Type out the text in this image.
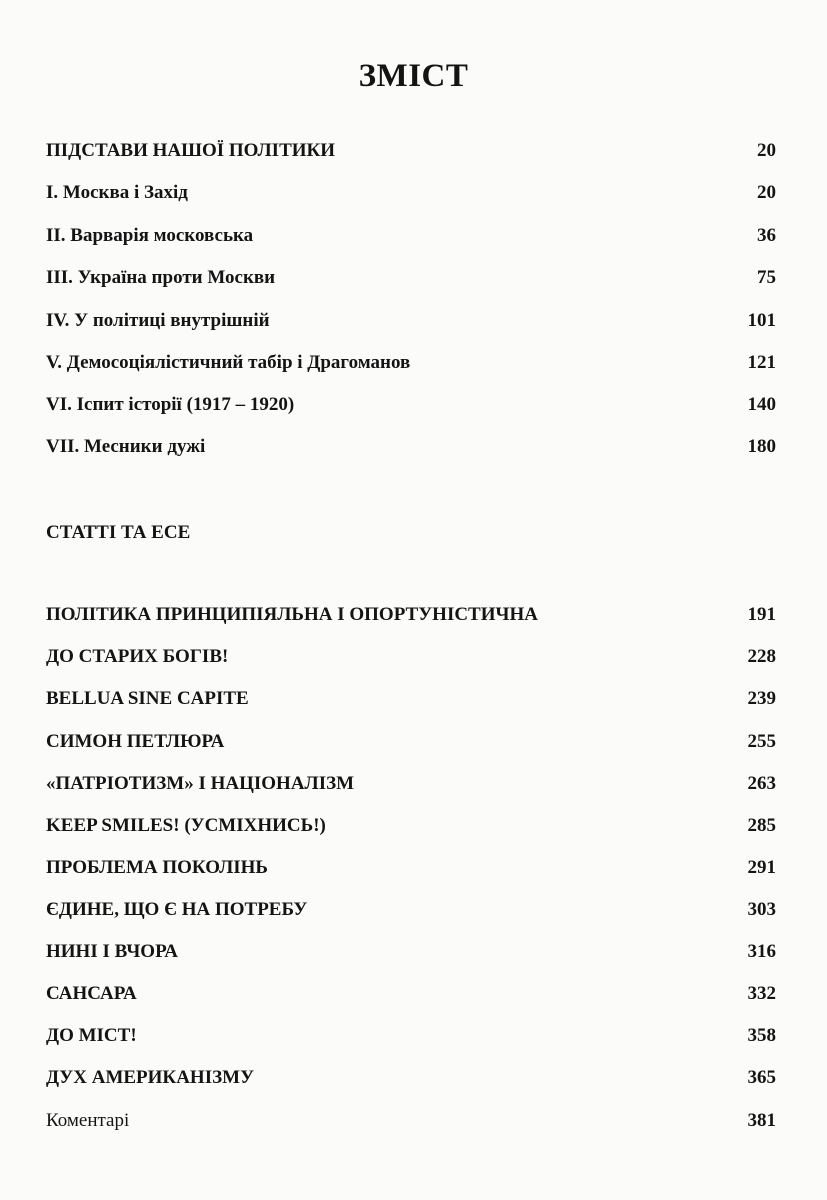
ЗМІСТ
ПІДСТАВИ НАШОЇ ПОЛІТИКИ	20
I. Москва і Захід	20
II. Варварія московська	36
III. Україна проти Москви	75
IV. У політиці внутрішній	101
V. Демосоціялістичний табір і Драгоманов	121
VI. Іспит історії (1917 – 1920)	140
VII. Месники дужі	180
СТАТТІ ТА ЕСЕ
ПОЛІТИКА ПРИНЦИПІЯЛЬНА І ОПОРТУНІСТИЧНА	191
ДО СТАРИХ БОГІВ!	228
BELLUA SINE CAPITE	239
СИМОН ПЕТЛЮРА	255
«ПАТРІОТИЗМ» І НАЦІОНАЛІЗМ	263
KEEP SMILES! (УСМІХНИСЬ!)	285
ПРОБЛЕМА ПОКОЛІНЬ	291
ЄДИНЕ, ЩО Є НА ПОТРЕБУ	303
НИНІ І ВЧОРА	316
САНСАРА	332
ДО МІСТ!	358
ДУХ АМЕРИКАНІЗМУ	365
Коментарі	381
